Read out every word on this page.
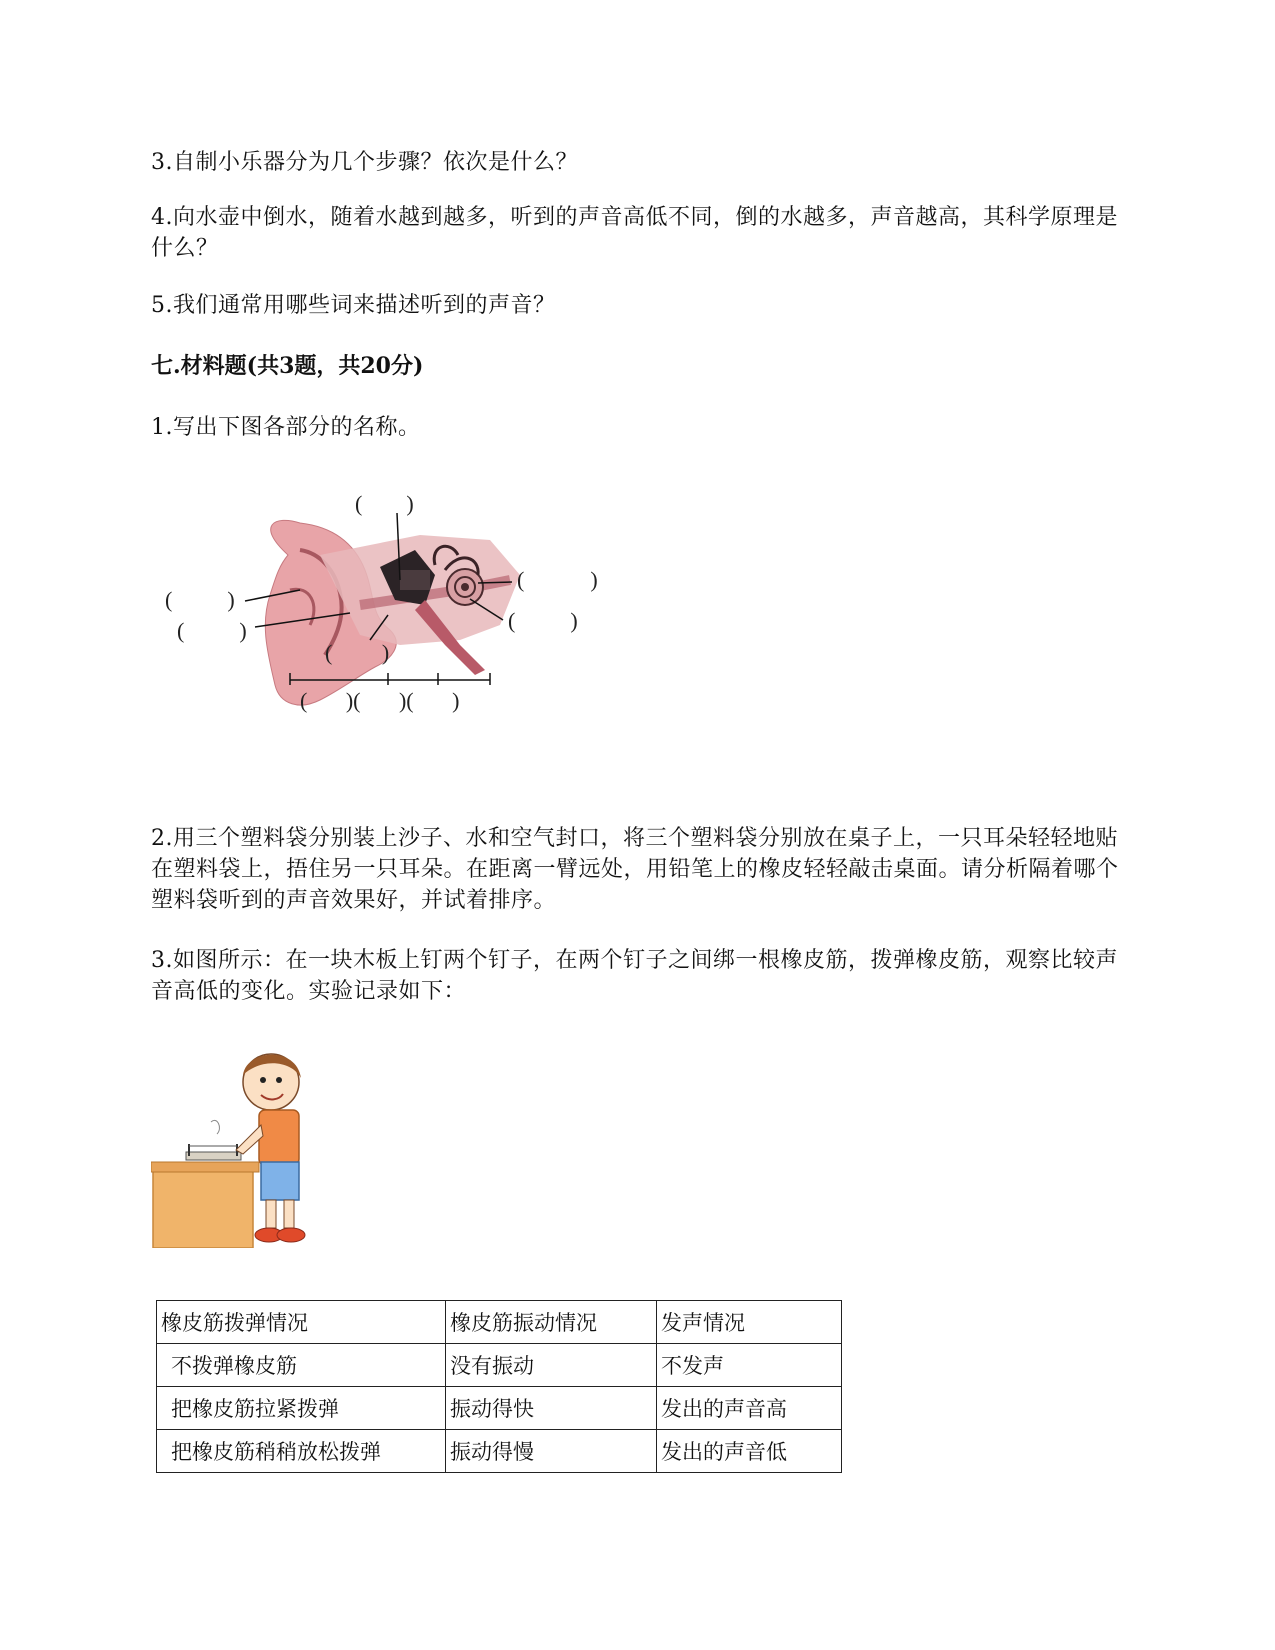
3.自制小乐器分为几个步骤？依次是什么？
4.向水壶中倒水，随着水越到越多，听到的声音高低不同，倒的水越多，声音越高，其科学原理是什么？
5.我们通常用哪些词来描述听到的声音？
七.材料题(共3题，共20分)
1.写出下图各部分的名称。
(        )
(            )
(          )
(          )
(          )
(         )
(       )(       )(       )
2.用三个塑料袋分别装上沙子、水和空气封口，将三个塑料袋分别放在桌子上，一只耳朵轻轻地贴在塑料袋上，捂住另一只耳朵。在距离一臂远处，用铅笔上的橡皮轻轻敲击桌面。请分析隔着哪个塑料袋听到的声音效果好，并试着排序。
3.如图所示：在一块木板上钉两个钉子，在两个钉子之间绑一根橡皮筋，拨弹橡皮筋，观察比较声音高低的变化。实验记录如下：
橡皮筋拨弹情况	橡皮筋振动情况	发声情况
不拨弹橡皮筋	没有振动	不发声
把橡皮筋拉紧拨弹	振动得快	发出的声音高
把橡皮筋稍稍放松拨弹	振动得慢	发出的声音低
